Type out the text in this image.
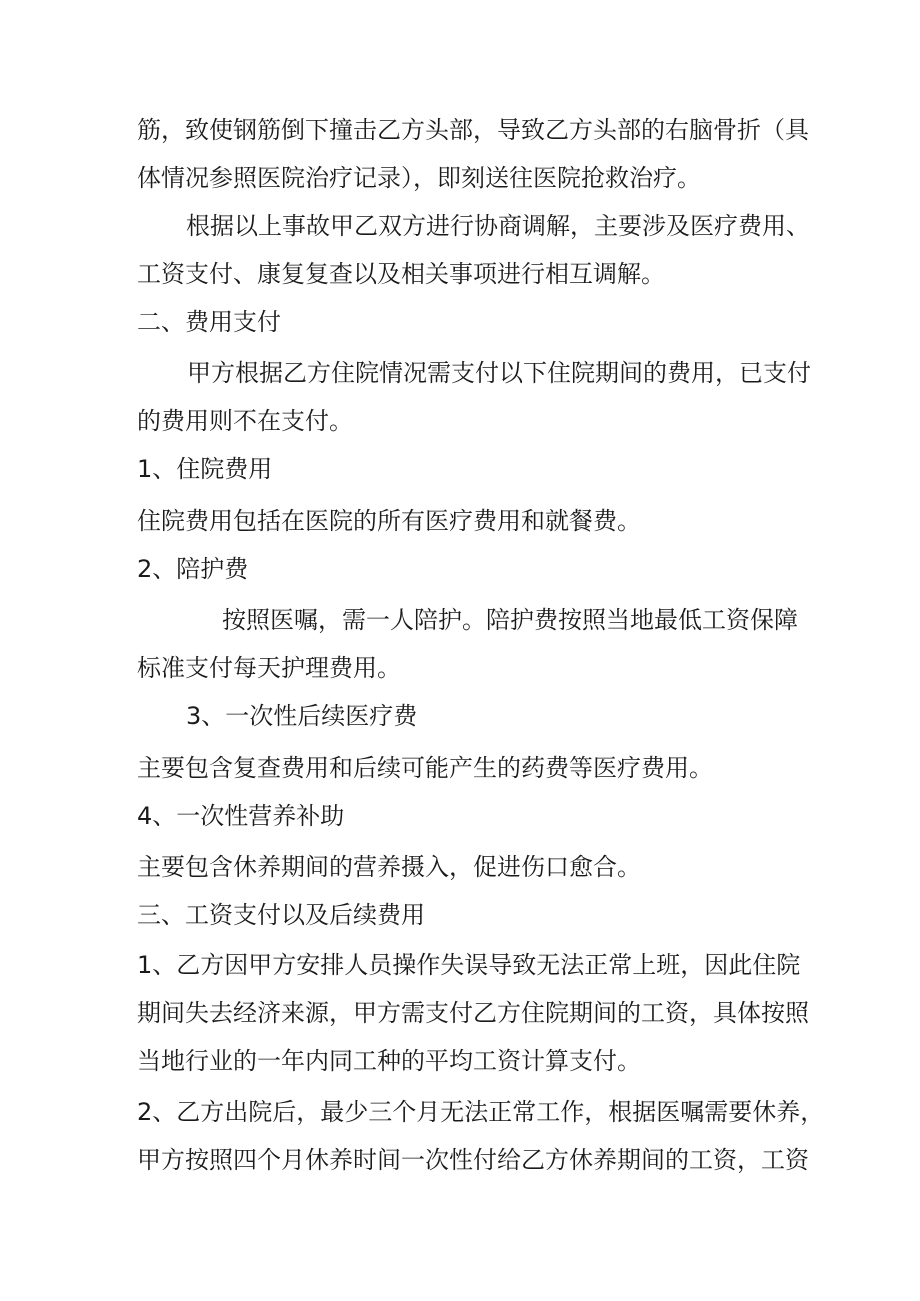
筋，致使钢筋倒下撞击乙方头部，导致乙方头部的右脑骨折（具
体情况参照医院治疗记录），即刻送往医院抢救治疗。
根据以上事故甲乙双方进行协商调解，主要涉及医疗费用、
工资支付、康复复查以及相关事项进行相互调解。
二、费用支付
甲方根据乙方住院情况需支付以下住院期间的费用，已支付
的费用则不在支付。
1、住院费用
住院费用包括在医院的所有医疗费用和就餐费。
2、陪护费
按照医嘱，需一人陪护。陪护费按照当地最低工资保障
标准支付每天护理费用。
3、一次性后续医疗费
主要包含复查费用和后续可能产生的药费等医疗费用。
4、一次性营养补助
主要包含休养期间的营养摄入，促进伤口愈合。
三、工资支付以及后续费用
1、乙方因甲方安排人员操作失误导致无法正常上班，因此住院
期间失去经济来源，甲方需支付乙方住院期间的工资，具体按照
当地行业的一年内同工种的平均工资计算支付。
2、乙方出院后，最少三个月无法正常工作，根据医嘱需要休养，
甲方按照四个月休养时间一次性付给乙方休养期间的工资，工资
